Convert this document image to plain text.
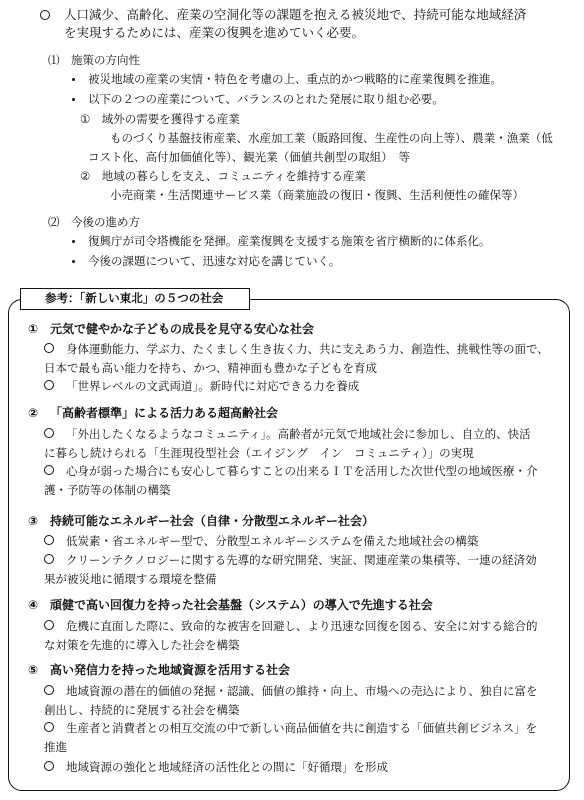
人口減少、高齢化、産業の空洞化等の課題を抱える被災地で、持続可能な地域経済
を実現するためには、産業の復興を進めていく必要。
⑴　施策の方向性
被災地域の産業の実情・特色を考慮の上、重点的かつ戦略的に産業復興を推進。
以下の２つの産業について、バランスのとれた発展に取り組む必要。
①　域外の需要を獲得する産業
ものづくり基盤技術産業、水産加工業（販路回復、生産性の向上等）、農業・漁業（低
コスト化、高付加価値化等）、観光業（価値共創型の取組）　等
②　地域の暮らしを支え、コミュニティを維持する産業
小売商業・生活関連サービス業（商業施設の復旧・復興、生活利便性の確保等）
⑵　今後の進め方
復興庁が司令塔機能を発揮。産業復興を支援する施策を省庁横断的に体系化。
今後の課題について、迅速な対応を講じていく。
参考：「新しい東北」の５つの社会
① 元気で健やかな子どもの成長を見守る安心な社会
身体運動能力、学ぶ力、たくましく生き抜く力、共に支えあう力、創造性、挑戦性等の面で、
日本で最も高い能力を持ち、かつ、精神面も豊かな子どもを育成
「世界レベルの文武両道」。新時代に対応できる力を養成
② 「高齢者標準」による活力ある超高齢社会
「外出したくなるようなコミュニティ」。高齢者が元気で地域社会に参加し、自立的、快活
に暮らし続けられる「生涯現役型社会（エイジング　イン　コミュニティ）」の実現
心身が弱った場合にも安心して暮らすことの出来るＩＴを活用した次世代型の地域医療・介
護・予防等の体制の構築
③ 持続可能なエネルギー社会（自律・分散型エネルギー社会）
低炭素・省エネルギー型で、分散型エネルギーシステムを備えた地域社会の構築
クリーンテクノロジーに関する先導的な研究開発、実証、関連産業の集積等、一連の経済効
果が被災地に循環する環境を整備
④ 頑健で高い回復力を持った社会基盤（システム）の導入で先進する社会
危機に直面した際に、致命的な被害を回避し、より迅速な回復を図る、安全に対する総合的
な対策を先進的に導入した社会を構築
⑤ 高い発信力を持った地域資源を活用する社会
地域資源の潜在的価値の発掘・認識、価値の維持・向上、市場への売込により、独自に富を
創出し、持続的に発展する社会を構築
生産者と消費者との相互交流の中で新しい商品価値を共に創造する「価値共創ビジネス」を
推進
地域資源の強化と地域経済の活性化との間に「好循環」を形成
